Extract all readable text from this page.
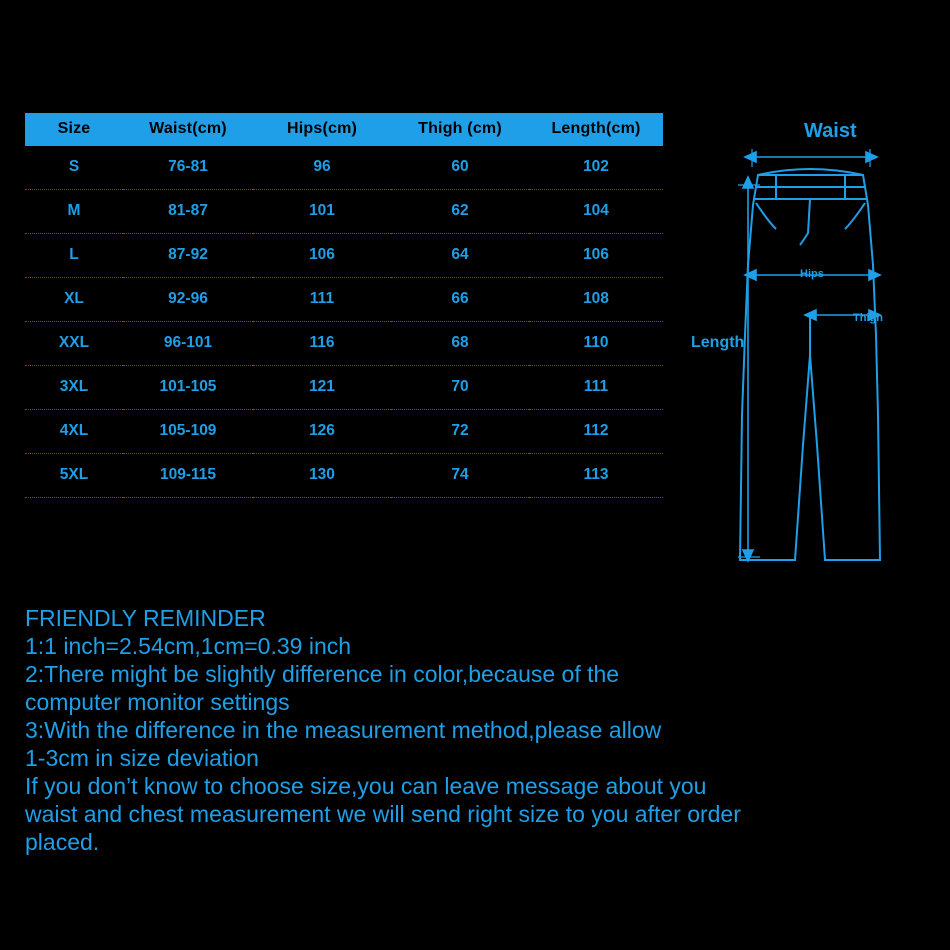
Size	Waist(cm)	Hips(cm)	Thigh (cm)	Length(cm)
S	76-81	96	60	102
M	81-87	101	62	104
L	87-92	106	64	106
XL	92-96	111	66	108
XXL	96-101	116	68	110
3XL	101-105	121	70	111
4XL	105-109	126	72	112
5XL	109-115	130	74	113
Waist
Hips
Thigh
Length
FRIENDLY REMINDER
1:1 inch=2.54cm,1cm=0.39 inch
2:There might be slightly difference in color,because of the
computer monitor settings
3:With the difference in the measurement method,please allow
1-3cm in size deviation
If you don’t know to choose size,you can leave message about you
waist and chest measurement we will send right size to you after order
placed.
